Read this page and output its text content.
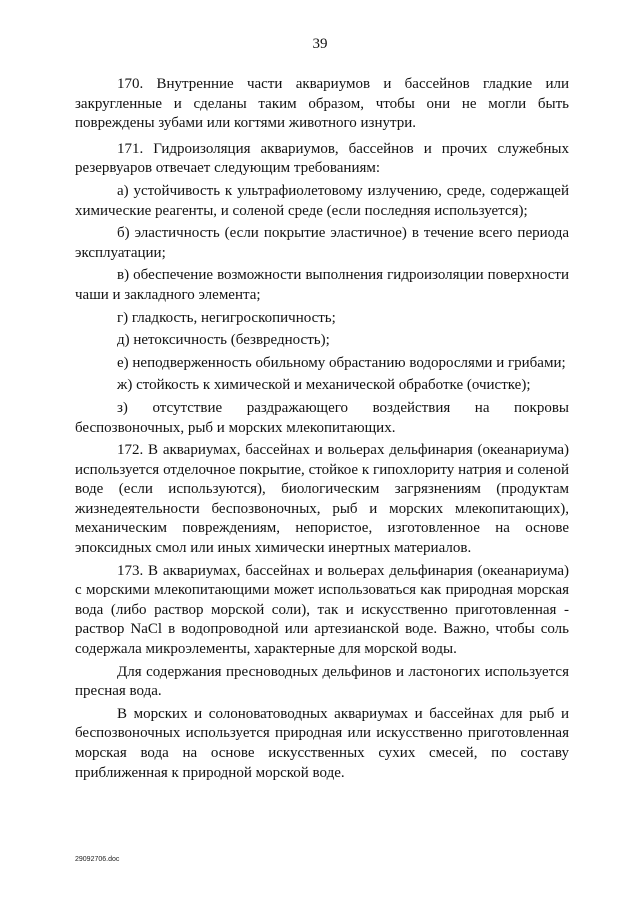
39

170. Внутренние части аквариумов и бассейнов гладкие или закругленные и сделаны таким образом, чтобы они не могли быть повреждены зубами или когтями животного изнутри.

171. Гидроизоляция аквариумов, бассейнов и прочих служебных резервуаров отвечает следующим требованиям:

а) устойчивость к ультрафиолетовому излучению, среде, содержащей химические реагенты, и соленой среде (если последняя используется);

б) эластичность (если покрытие эластичное) в течение всего периода эксплуатации;

в) обеспечение возможности выполнения гидроизоляции поверхности чаши и закладного элемента;

г) гладкость, негигроскопичность;

д) нетоксичность (безвредность);

е) неподверженность обильному обрастанию водорослями и грибами;

ж) стойкость к химической и механической обработке (очистке);

з) отсутствие раздражающего воздействия на покровы беспозвоночных, рыб и морских млекопитающих.

172. В аквариумах, бассейнах и вольерах дельфинария (океанариума) используется отделочное покрытие, стойкое к гипохлориту натрия и соленой воде (если используются), биологическим загрязнениям (продуктам жизнедеятельности беспозвоночных, рыб и морских млекопитающих), механическим повреждениям, непористое, изготовленное на основе эпоксидных смол или иных химически инертных материалов.

173. В аквариумах, бассейнах и вольерах дельфинария (океанариума) с морскими млекопитающими может использоваться как природная морская вода (либо раствор морской соли), так и искусственно приготовленная - раствор NaCl в водопроводной или артезианской воде. Важно, чтобы соль содержала микроэлементы, характерные для морской воды.

Для содержания пресноводных дельфинов и ластоногих используется пресная вода.

В морских и солоноватоводных аквариумах и бассейнах для рыб и беспозвоночных используется природная или искусственно приготовленная морская вода на основе искусственных сухих смесей, по составу приближенная к природной морской воде.

29092706.doc
